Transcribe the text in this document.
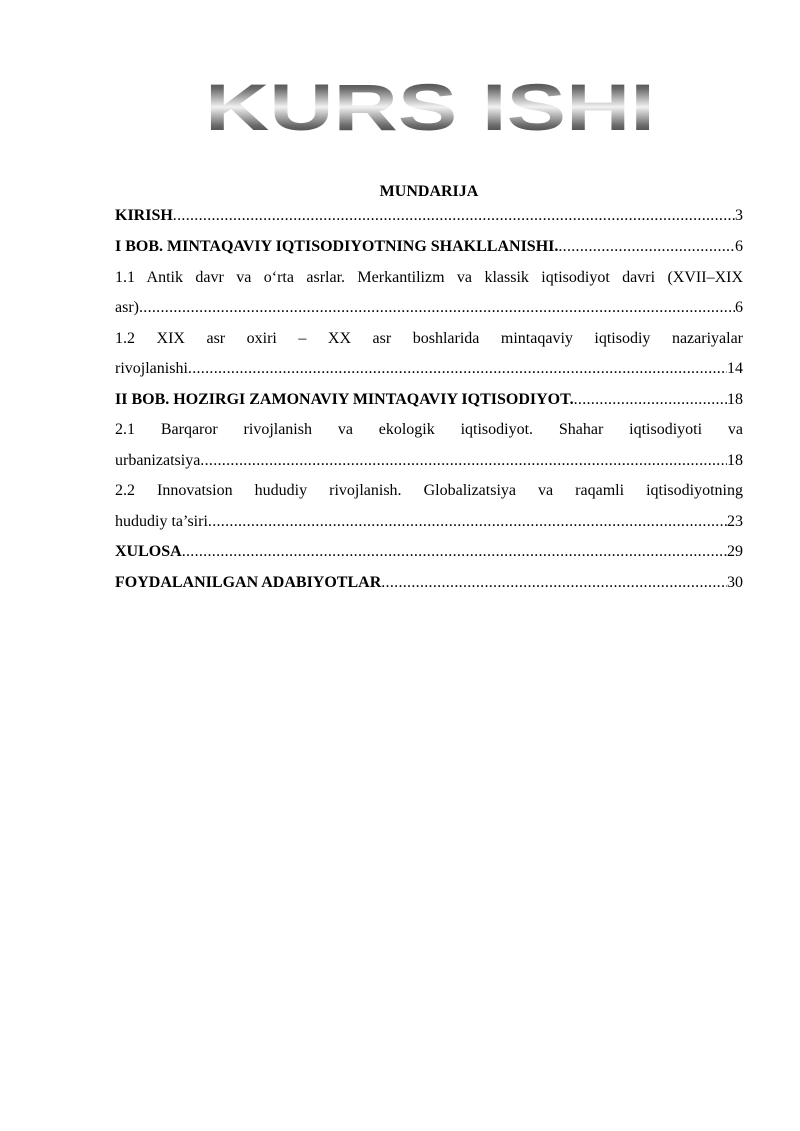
KURS ISHI
MUNDARIJA
KIRISH .....	3
I BOB. MINTAQAVIY IQTISODIYOTNING SHAKLLANISHI. .....	6
1.1 Antik davr va o‘rta asrlar. Merkantilizm va klassik iqtisodiyot davri (XVII–XIX
asr) .....	6
1.2 XIX asr oxiri – XX asr boshlarida mintaqaviy iqtisodiy nazariyalar
rivojlanishi .....	14
II BOB. HOZIRGI ZAMONAVIY MINTAQAVIY IQTISODIYOT. .....	18
2.1 Barqaror rivojlanish va ekologik iqtisodiyot. Shahar iqtisodiyoti va
urbanizatsiya .....	18
2.2 Innovatsion hududiy rivojlanish. Globalizatsiya va raqamli iqtisodiyotning
hududiy ta’siri .....	23
XULOSA .....	29
FOYDALANILGAN ADABIYOTLAR .....	30
